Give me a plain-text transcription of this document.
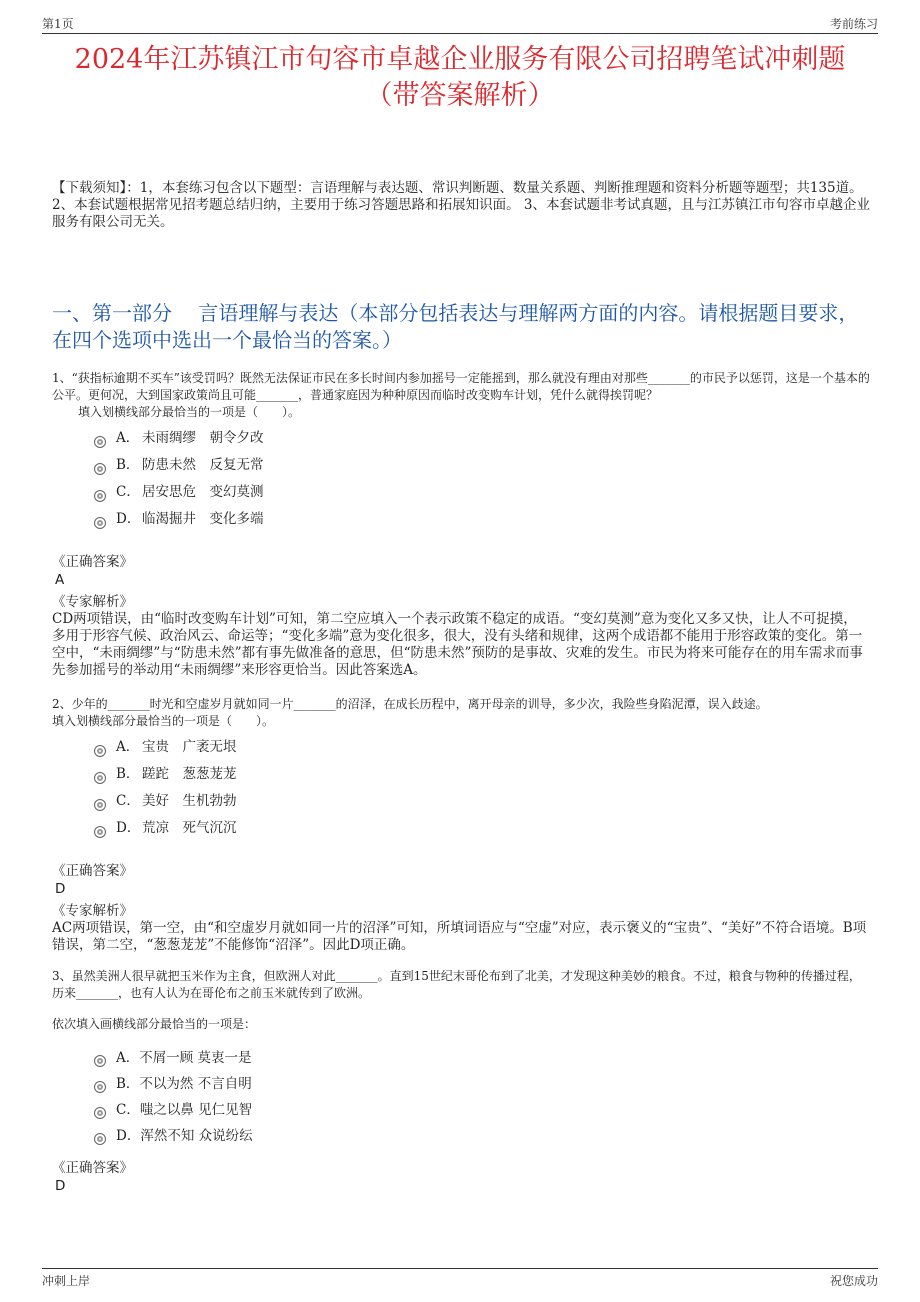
第1页	考前练习
2024年江苏镇江市句容市卓越企业服务有限公司招聘笔试冲刺题（带答案解析）
【下载须知】：1，本套练习包含以下题型：言语理解与表达题、常识判断题、数量关系题、判断推理题和资料分析题等题型；共135道。 2、本套试题根据常见招考题总结归纳，主要用于练习答题思路和拓展知识面。 3、本套试题非考试真题，且与江苏镇江市句容市卓越企业服务有限公司无关。
一、第一部分　 言语理解与表达（本部分包括表达与理解两方面的内容。请根据题目要求，在四个选项中选出一个最恰当的答案。）

1、“获指标逾期不买车”该受罚吗？既然无法保证市民在多长时间内参加摇号一定能摇到，那么就没有理由对那些_______的市民予以惩罚，这是一个基本的公平。更何况，大到国家政策尚且可能_______，普通家庭因为种种原因而临时改变购车计划，凭什么就得挨罚呢？

填入划横线部分最恰当的一项是（　　）。

A． 未雨绸缪　朝令夕改
B． 防患未然　反复无常
C． 居安思危　变幻莫测
D． 临渴掘井　变化多端

《正确答案》

A

《专家解析》

CD两项错误，由“临时改变购车计划”可知，第二空应填入一个表示政策不稳定的成语。“变幻莫测”意为变化又多又快，让人不可捉摸，多用于形容气候、政治风云、命运等；“变化多端”意为变化很多，很大，没有头绪和规律，这两个成语都不能用于形容政策的变化。第一空中，“未雨绸缪”与“防患未然”都有事先做准备的意思，但“防患未然”预防的是事故、灾难的发生。市民为将来可能存在的用车需求而事先参加摇号的举动用“未雨绸缪”来形容更恰当。因此答案选A。

2、少年的_______时光和空虚岁月就如同一片_______的沼泽，在成长历程中，离开母亲的训导，多少次，我险些身陷泥潭，误入歧途。

填入划横线部分最恰当的一项是（　　）。

A． 宝贵　广袤无垠
B． 蹉跎　葱葱茏茏
C． 美好　生机勃勃
D． 荒凉　死气沉沉

《正确答案》

D

《专家解析》

AC两项错误，第一空，由“和空虚岁月就如同一片的沼泽”可知，所填词语应与“空虚”对应，表示褒义的“宝贵”、“美好”不符合语境。B项错误，第二空，“葱葱茏茏”不能修饰“沼泽”。因此D项正确。

3、虽然美洲人很早就把玉米作为主食，但欧洲人对此_______。直到15世纪末哥伦布到了北美，才发现这种美妙的粮食。不过，粮食与物种的传播过程，历来_______，也有人认为在哥伦布之前玉米就传到了欧洲。

依次填入画横线部分最恰当的一项是：

A． 不屑一顾 莫衷一是
B． 不以为然 不言自明
C． 嗤之以鼻 见仁见智
D． 浑然不知 众说纷纭

《正确答案》

D

冲刺上岸	祝您成功
